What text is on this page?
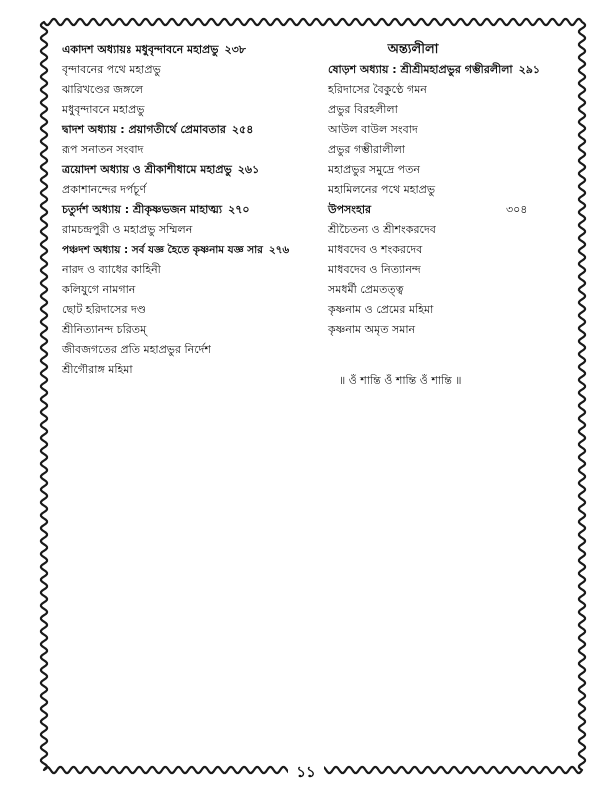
একাদশ অধ্যায়ঃ মধুবৃন্দাবনে মহাপ্রভু ২৩৮
বৃন্দাবনের পথে মহাপ্রভু
ঝারিখণ্ডের জঙ্গলে
মধুবৃন্দাবনে মহাপ্রভু
দ্বাদশ অধ্যায় : প্রয়াগতীর্থে প্রেমাবতার ২৫৪
রূপ সনাতন সংবাদ
ত্রয়োদশ অধ্যায় ও শ্রীকাশীধামে মহাপ্রভু ২৬১
প্রকাশানন্দের দর্পচূর্ণ
চতুর্দশ অধ্যায় : শ্রীকৃষ্ণভজন মাহাত্ম্য ২৭০
রামচন্দ্রপুরী ও মহাপ্রভু সম্মিলন
পঞ্চদশ অধ্যায় : সর্ব যজ্ঞ হৈতে কৃষ্ণনাম যজ্ঞ সার ২৭৬
নারদ ও ব্যাধের কাহিনী
কলিযুগে নামগান
ছোট হরিদাসের দণ্ড
শ্রীনিত্যানন্দ চরিতম্
জীবজগতের প্রতি মহাপ্রভুর নির্দেশ
শ্রীগৌরাঙ্গ মহিমা
অন্ত্যলীলা
ষোড়শ অধ্যায় : শ্রীশ্রীমহাপ্রভুর গম্ভীরলীলা ২৯১
হরিদাসের বৈকুণ্ঠে গমন
প্রভুর বিরহলীলা
আউল বাউল সংবাদ
প্রভুর গম্ভীরালীলা
মহাপ্রভুর সমুদ্রে পতন
মহামিলনের পথে মহাপ্রভু
উপসংহার	৩০৪
শ্রীচৈতন্য ও শ্রীশংকরদেব
মাধবদেব ও শংকরদেব
মাধবদেব ও নিত্যানন্দ
সমধর্মী প্রেমতত্ত্ব
কৃষ্ণনাম ও প্রেমের মহিমা
কৃষ্ণনাম অমৃত সমান
॥ ওঁ শান্তি ওঁ শান্তি ওঁ শান্তি ॥
১১
